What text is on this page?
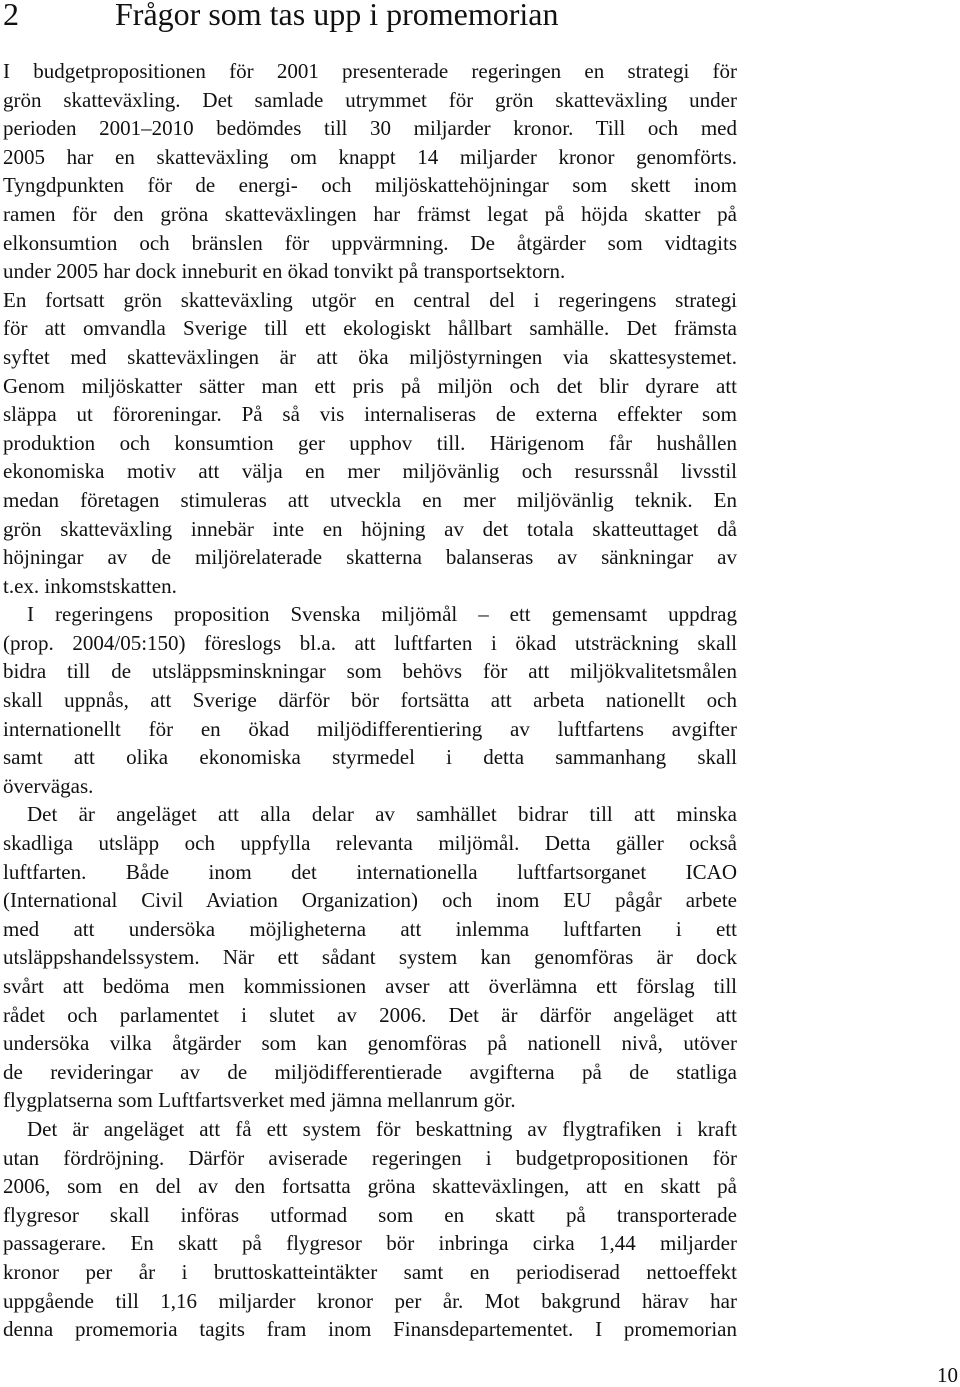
2	Frågor som tas upp i promemorian

I budgetpropositionen för 2001 presenterade regeringen en strategi för

grön skatteväxling. Det samlade utrymmet för grön skatteväxling under

perioden 2001–2010 bedömdes till 30 miljarder kronor. Till och med

2005 har en skatteväxling om knappt 14 miljarder kronor genomförts.

Tyngdpunkten för de energi- och miljöskattehöjningar som skett inom

ramen för den gröna skatteväxlingen har främst legat på höjda skatter på

elkonsumtion och bränslen för uppvärmning. De åtgärder som vidtagits

under 2005 har dock inneburit en ökad tonvikt på transportsektorn.

En fortsatt grön skatteväxling utgör en central del i regeringens strategi

för att omvandla Sverige till ett ekologiskt hållbart samhälle. Det främsta

syftet med skatteväxlingen är att öka miljöstyrningen via skattesystemet.

Genom miljöskatter sätter man ett pris på miljön och det blir dyrare att

släppa ut föroreningar. På så vis internaliseras de externa effekter som

produktion och konsumtion ger upphov till. Härigenom får hushållen

ekonomiska motiv att välja en mer miljövänlig och resurssnål livsstil

medan företagen stimuleras att utveckla en mer miljövänlig teknik. En

grön skatteväxling innebär inte en höjning av det totala skatteuttaget då

höjningar av de miljörelaterade skatterna balanseras av sänkningar av

t.ex. inkomstskatten.

I regeringens proposition Svenska miljömål – ett gemensamt uppdrag

(prop. 2004/05:150) föreslogs bl.a. att luftfarten i ökad utsträckning skall

bidra till de utsläppsminskningar som behövs för att miljökvalitetsmålen

skall uppnås, att Sverige därför bör fortsätta att arbeta nationellt och

internationellt för en ökad miljödifferentiering av luftfartens avgifter

samt att olika ekonomiska styrmedel i detta sammanhang skall

övervägas.

Det är angeläget att alla delar av samhället bidrar till att minska

skadliga utsläpp och uppfylla relevanta miljömål. Detta gäller också

luftfarten. Både inom det internationella luftfartsorganet ICAO

(International Civil Aviation Organization) och inom EU pågår arbete

med att undersöka möjligheterna att inlemma luftfarten i ett

utsläppshandelssystem. När ett sådant system kan genomföras är dock

svårt att bedöma men kommissionen avser att överlämna ett förslag till

rådet och parlamentet i slutet av 2006. Det är därför angeläget att

undersöka vilka åtgärder som kan genomföras på nationell nivå, utöver

de revideringar av de miljödifferentierade avgifterna på de statliga

flygplatserna som Luftfartsverket med jämna mellanrum gör.

Det är angeläget att få ett system för beskattning av flygtrafiken i kraft

utan fördröjning. Därför aviserade regeringen i budgetpropositionen för

2006, som en del av den fortsatta gröna skatteväxlingen, att en skatt på

flygresor skall införas utformad som en skatt på transporterade

passagerare. En skatt på flygresor bör inbringa cirka 1,44 miljarder

kronor per år i bruttoskatteintäkter samt en periodiserad nettoeffekt

uppgående till 1,16 miljarder kronor per år. Mot bakgrund härav har

denna promemoria tagits fram inom Finansdepartementet. I promemorian

10
